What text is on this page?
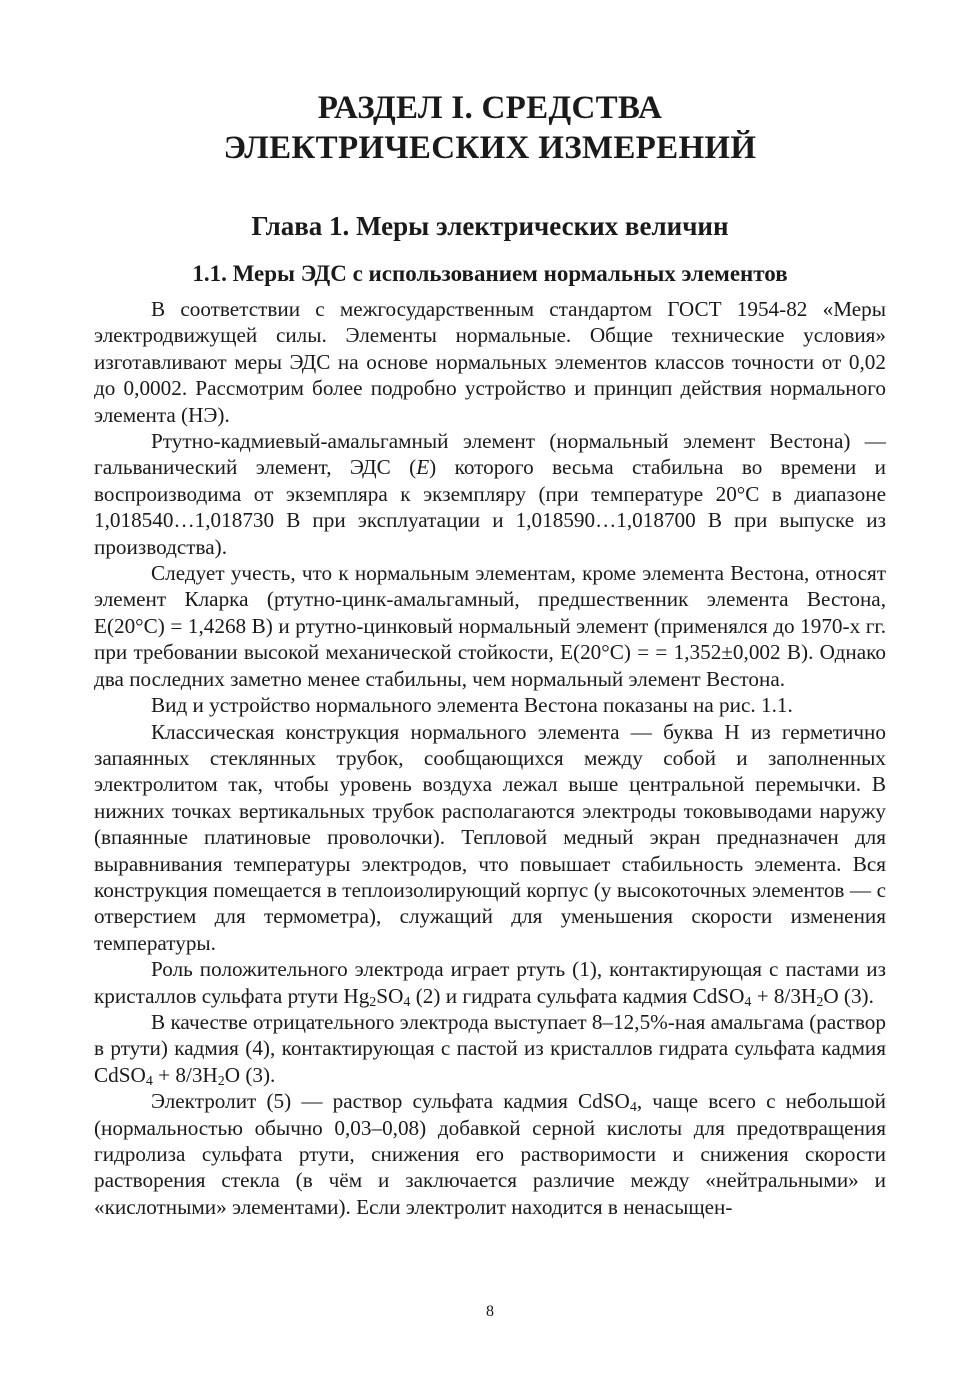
РАЗДЕЛ I. СРЕДСТВА
ЭЛЕКТРИЧЕСКИХ ИЗМЕРЕНИЙ
Глава 1. Меры электрических величин
1.1. Меры ЭДС с использованием нормальных элементов

В соответствии с межгосударственным стандартом ГОСТ 1954-82 «Меры электродвижущей силы. Элементы нормальные. Общие технические условия» изготавливают меры ЭДС на основе нормальных элементов классов точности от 0,02 до 0,0002. Рассмотрим более подробно устройство и принцип действия нормального элемента (НЭ).

Ртутно-кадмиевый-амальгамный элемент (нормальный элемент Вестона) — гальванический элемент, ЭДС (E) которого весьма стабильна во времени и воспроизводима от экземпляра к экземпляру (при температуре 20°С в диапазоне 1,018540…1,018730 В при эксплуатации и 1,018590…1,018700 В при выпуске из производства).

Следует учесть, что к нормальным элементам, кроме элемента Вестона, относят элемент Кларка (ртутно-цинк-амальгамный, предшественник элемента Вестона, E(20°C) = 1,4268 В) и ртутно-цинковый нормальный элемент (применялся до 1970-х гг. при требовании высокой механической стойкости, E(20°C) = = 1,352±0,002 В). Однако два последних заметно менее стабильны, чем нормальный элемент Вестона.

Вид и устройство нормального элемента Вестона показаны на рис. 1.1.

Классическая конструкция нормального элемента — буква Н из герметично запаянных стеклянных трубок, сообщающихся между собой и заполненных электролитом так, чтобы уровень воздуха лежал выше центральной перемычки. В нижних точках вертикальных трубок располагаются электроды токовыводами наружу (впаянные платиновые проволочки). Тепловой медный экран предназначен для выравнивания температуры электродов, что повышает стабильность элемента. Вся конструкция помещается в теплоизолирующий корпус (у высокоточных элементов — с отверстием для термометра), служащий для уменьшения скорости изменения температуры.

Роль положительного электрода играет ртуть (1), контактирующая с пастами из кристаллов сульфата ртути $Hg_2SO_4$ (2) и гидрата сульфата кадмия CdSO$_4$ + $8/3H_2O$ (3).

В качестве отрицательного электрода выступает 8–12,5%-ная амальгама (раствор в ртути) кадмия (4), контактирующая с пастой из кристаллов гидрата сульфата кадмия CdSO$_4$ + $8/3H_2O$ (3).

Электролит (5) — раствор сульфата кадмия CdSO$_4$, чаще всего с небольшой (нормальностью обычно 0,03–0,08) добавкой серной кислоты для предотвращения гидролиза сульфата ртути, снижения его растворимости и снижения скорости растворения стекла (в чём и заключается различие между «нейтральными» и «кислотными» элементами). Если электролит находится в ненасыщен-

8
